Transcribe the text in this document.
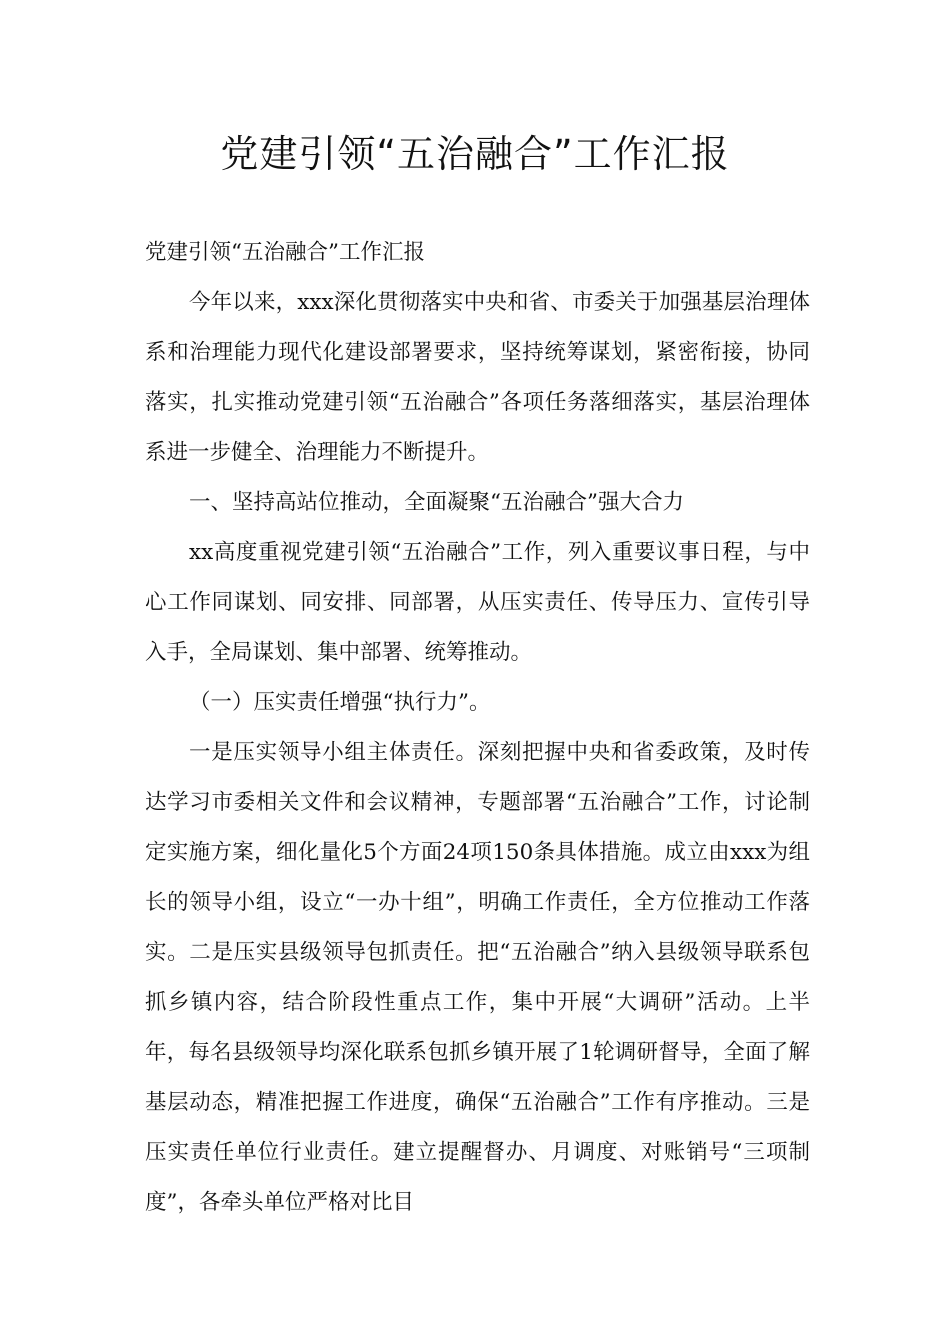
党建引领“五治融合”工作汇报

党建引领“五治融合”工作汇报

今年以来，xxx深化贯彻落实中央和省、市委关于加强基层治理体系和治理能力现代化建设部署要求，坚持统筹谋划，紧密衔接，协同落实，扎实推动党建引领“五治融合”各项任务落细落实，基层治理体系进一步健全、治理能力不断提升。

一、坚持高站位推动，全面凝聚“五治融合”强大合力

xx高度重视党建引领“五治融合”工作，列入重要议事日程，与中心工作同谋划、同安排、同部署，从压实责任、传导压力、宣传引导入手，全局谋划、集中部署、统筹推动。

（一）压实责任增强“执行力”。

一是压实领导小组主体责任。深刻把握中央和省委政策，及时传达学习市委相关文件和会议精神，专题部署“五治融合”工作，讨论制定实施方案，细化量化5个方面24项150条具体措施。成立由xxx为组长的领导小组，设立“一办十组”，明确工作责任，全方位推动工作落实。二是压实县级领导包抓责任。把“五治融合”纳入县级领导联系包抓乡镇内容，结合阶段性重点工作，集中开展“大调研”活动。上半年，每名县级领导均深化联系包抓乡镇开展了1轮调研督导，全面了解基层动态，精准把握工作进度，确保“五治融合”工作有序推动。三是压实责任单位行业责任。建立提醒督办、月调度、对账销号“三项制度”，各牵头单位严格对比目
